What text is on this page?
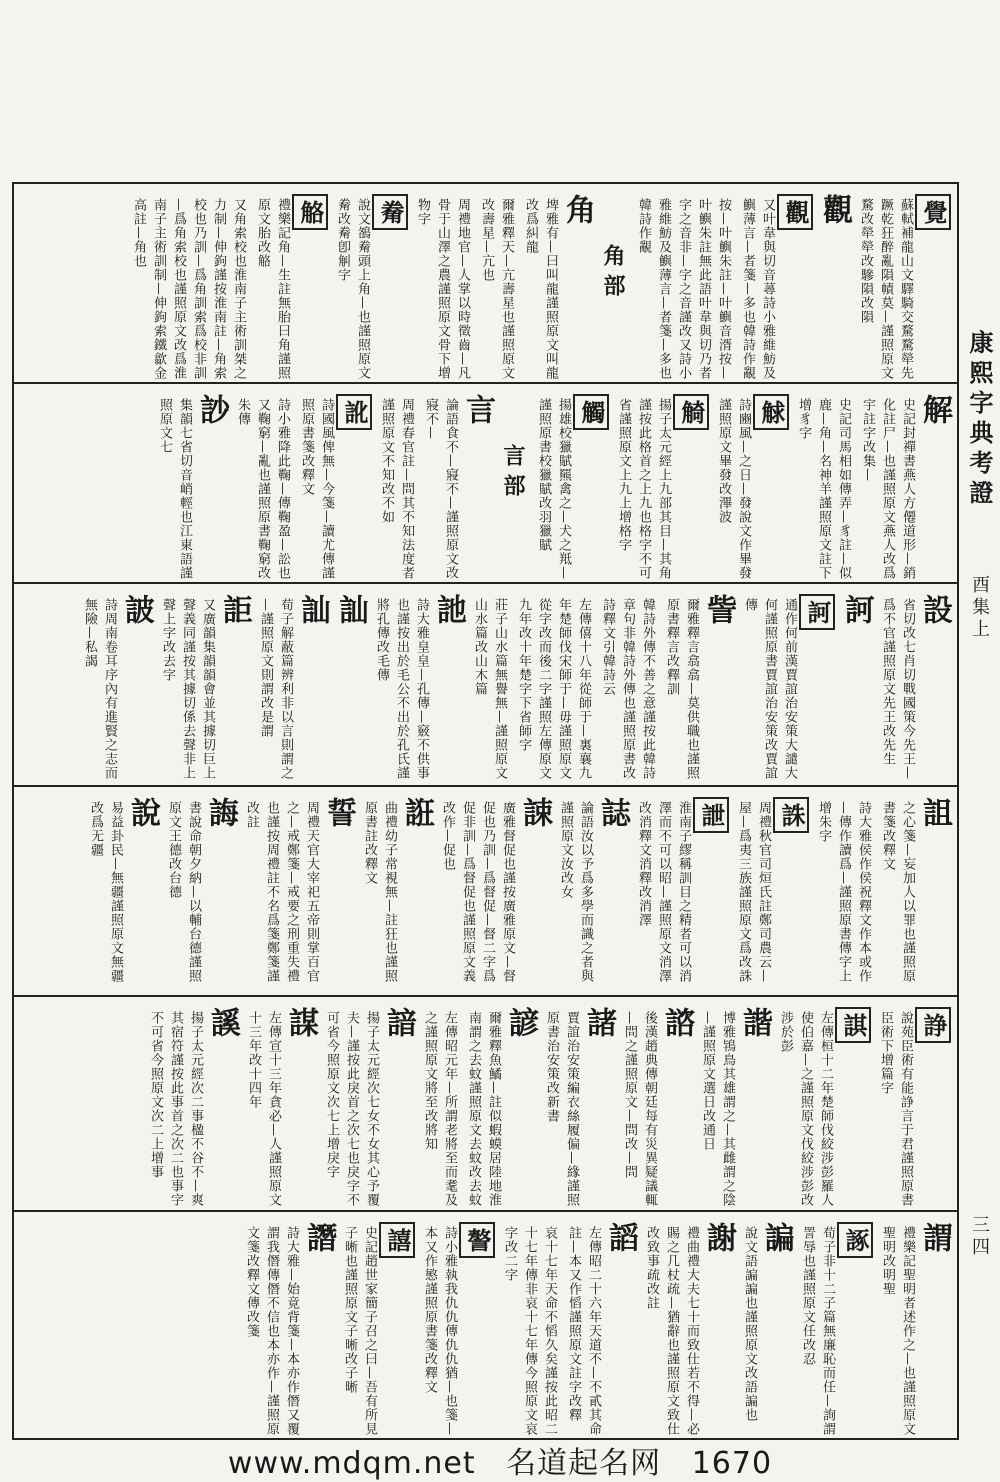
覺
蘇軾補龍山文驛騎交騖騖犖先蹶乾狂醉亂隕幘莫—謹照原文騖改犖犖改驂隕改隕
觀
觀
又叶韋與切音蕁詩小雅維魴及鱮薄言—者箋—多也韓詩作覶
按—叶鱮朱註—叶鱮音湑按—叶鱮朱註無此語叶韋與切乃者字之音非—字之音謹改又詩小雅維魴及鱮薄言—者箋—多也韓詩作覶
角部
角
埤雅有—曰叫龍謹照原文叫龍改爲糾龍
爾雅釋天—亢壽星也謹照原文改壽星—亢也
周禮地官—人掌以時徵齒—凡骨于山澤之農謹照原文骨下增物字
觠
說文鵅觠頭上角—也謹照原文觠改觠卽觓字
觡
禮樂記角—生註無胎曰角謹照原文胎改觡
又角索校也淮南子主術訓桀之力制—伸鉤謹按淮南註—角索校也乃訓—爲角訓索爲校非訓—爲角索校也謹照原文改爲淮南子主術訓制—伸鉤索鐵歙金高註—角也
解
史記封禪書燕人方僊道形—銷化註尸—也謹照原文燕人改爲宇註字改集—
史記司馬相如傳弄—豸註—似鹿—角—名神羊謹照原文註下增豸字
觩
詩豳風—之日—發說文作畢發謹照原文畢發改滭波
觭
揚子太元經上九部其目—其角謹按此格首之上九也格字不可省謹照原文上九上增格字
觸
揚雄校獵賦羆禽之—犬之羝—謹照原書校獵賦改羽獵賦
言部
言
論語食不—寢不—謹照原文改寢不—
周禮春官註—問其不知法度者謹照原文不知改不如
訛
詩國風俾無—今箋—讀尤傳謹照原書箋改釋文
詩小雅降此鞠—傳鞠盈—訟也又鞠窮—亂也謹照原書鞠窮改朱傳
訬
集韻七省切音峭輕也江東語謹照原文七
設
省切改七肖切戰國策今先王—爲不官謹照原文先王改先生
訶
訶
通作何前漢賈誼治安策大譴大何謹照原書賈誼治安策改賈誼傳
訾
爾雅釋言翕翕—莫供職也謹照原書釋言改釋訓
韓詩外傳不善之意謹按此韓詩章句非韓詩外傳也謹照原書改詩釋文引韓詩云
左傳僖十八年從師于—裏襄九年楚師伐宋師于—毋謹照原文從字改而後二字謹照左傳原文九年改十年楚字下省師字
莊子山水篇無譽無—謹照原文山水篇改山木篇
訑
詩大雅皇皇—孔傳—竅不供事也謹按出於毛公不出於孔氏謹將孔傳改毛傳
訕
訕
荀子解蔽篇辨利非以言則謂之—謹照原文則謂改是謂
詎
又廣韻集韻韻會並其據切巨上聲義同謹按其據切係去聲非上聲上字改去字
詖
詩周南卷耳序內有進賢之志而無險—私謁
詛
之心箋—妄加人以罪也謹照原書箋改釋文
詩大雅侯作侯祝釋文作本或作—傳作讀爲—謹照原書傳字上增朱字
誅
周禮秋官司烜氏註鄭司農云—屋—爲夷三族謹照原文爲改誅
詍
淮南子繆稱訓目之精者可以消澤而不可以昭—謹照原文消澤改消釋文消釋改消澤
誌
論語汝以予爲多學而識之者與謹照原文汝改女
誎
廣雅督促也謹按廣雅原文—督促也乃訓—爲督促—督二字爲促非訓—爲督促也謹照原文義改作—促也
誑
曲禮幼子常視無—註狂也謹照原書註改釋文
誓
周禮天官大宰祀五帝則掌百官之—戒鄭箋—戒要之刑重失禮也謹按周禮註不名爲箋鄭箋謹改註
誨
書說命朝夕納—以輔台德謹照原文王德改台德
說
易益卦民—無疆謹照原文無疆改爲无疆
諍
說苑臣術有能諍言于君謹照原書臣術下增篇字
諆
左傳桓十二年楚師伐絞涉彭羅人使伯嘉—之謹照原文伐絞涉彭改涉於彭
諧
博雅鴇鳥其雄謂之—其雌謂之陰—謹照原文選日改通日
諮
後漢趙典傳朝廷每有災異疑議輒—問之謹照原文—問改—問
諸
賈誼治安策編衣絲履偏—緣謹照原書治安策改新書
諺
爾雅釋魚鱊—註似蝦蟆居陸地淮南謂之去蚊謹照原文去蚊改去蚊
左傳昭元年—所謂老將至而耄及之謹照原文將至改將知
諳
揚子太元經次七女不女其心予覆夫—謹按此戾首之次七也戾字不可省今照原文次七上增戾字
謀
左傳宣十三年貪必—人謹照原文十三年改十四年
謑
揚子太元經次二事楹不谷不—爽其宿符謹按此事首之次二也事字不可省今照原文次二上增事
謂
禮樂記聖明者述作之—也謹照原文聖明改明聖
諑
荀子非十二子篇無廉恥而任—詢謂詈辱也謹照原文任改忍
諞
說文語諞諞也謹照原文改語諞也
謝
禮曲禮大夫七十而致仕若不得—必賜之几杖疏—猶辭也謹照原文致仕改致事疏改註
謟
左傳昭二十六年天道不—不貳其命註—本又作慆謹照原文註字改釋
哀十七年天命不慆久矣謹按此昭二十七年傳非哀十七年傳今照原文哀字改二字
謷
詩小雅執我仇仇傳仇仇猶—也箋—本又作慜謹照原書箋改釋文
譆
史記趙世家簡子召之曰—吾有所見子晰也謹照原文子晰改子晰
譖
詩大雅—始竟背箋—本亦作僭又覆謂我僭傳僭不信也本亦作—謹照原文箋改釋文傳改箋
康熙字典考證
酉集上
三四
www.mdqm.net 名道起名网 1670
